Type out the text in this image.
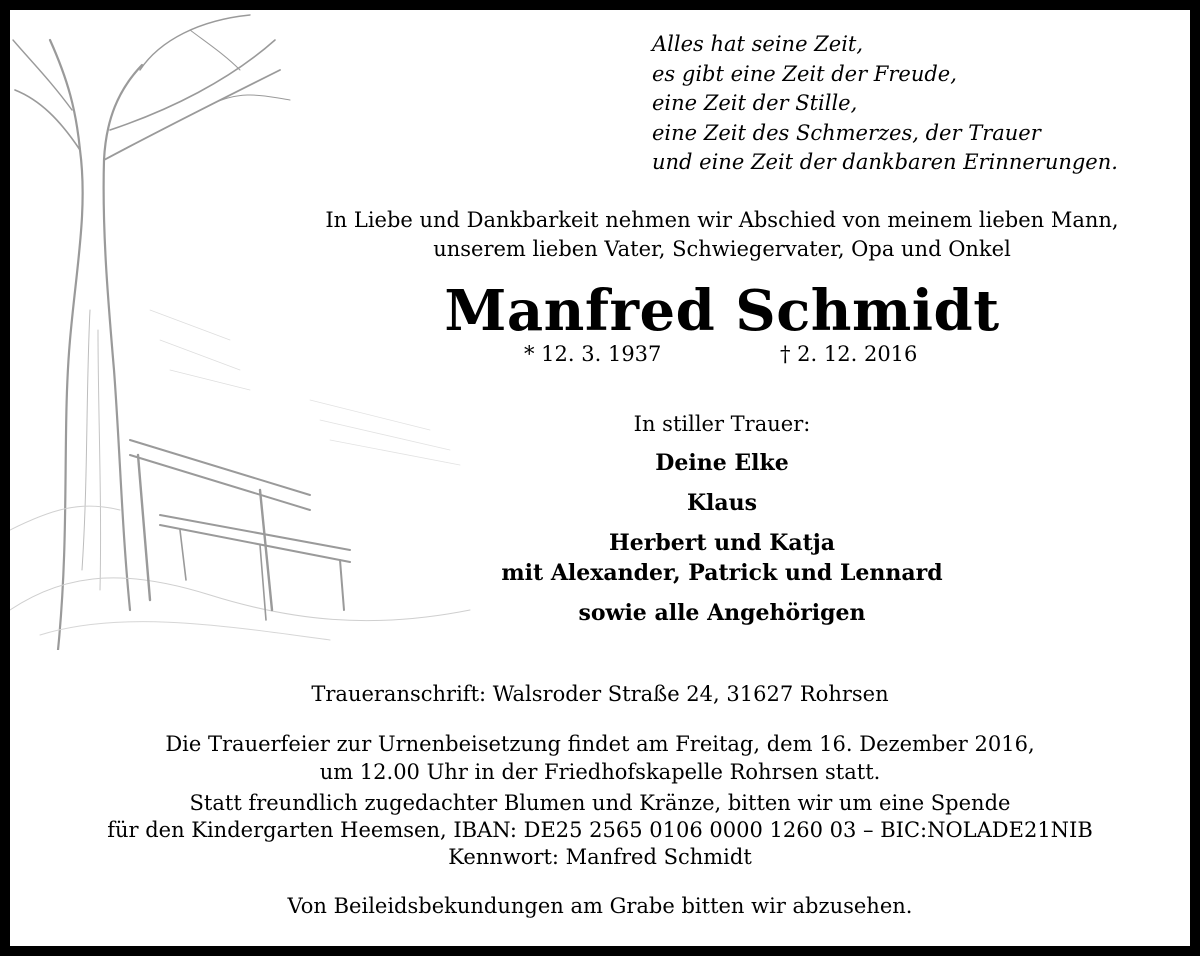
Alles hat seine Zeit,
es gibt eine Zeit der Freude,
eine Zeit der Stille,
eine Zeit des Schmerzes, der Trauer
und eine Zeit der dankbaren Erinnerungen.
In Liebe und Dankbarkeit nehmen wir Abschied von meinem lieben Mann,
unserem lieben Vater, Schwiegervater, Opa und Onkel
Manfred Schmidt
* 12. 3. 1937	† 2. 12. 2016
In stiller Trauer:
Deine Elke
Klaus
Herbert und Katja
mit Alexander, Patrick und Lennard
sowie alle Angehörigen
Traueranschrift: Walsroder Straße 24, 31627 Rohrsen
Die Trauerfeier zur Urnenbeisetzung findet am Freitag, dem 16. Dezember 2016,
um 12.00 Uhr in der Friedhofskapelle Rohrsen statt.
Statt freundlich zugedachter Blumen und Kränze, bitten wir um eine Spende
für den Kindergarten Heemsen, IBAN: DE25 2565 0106 0000 1260 03 – BIC:NOLADE21NIB
Kennwort: Manfred Schmidt
Von Beileidsbekundungen am Grabe bitten wir abzusehen.
